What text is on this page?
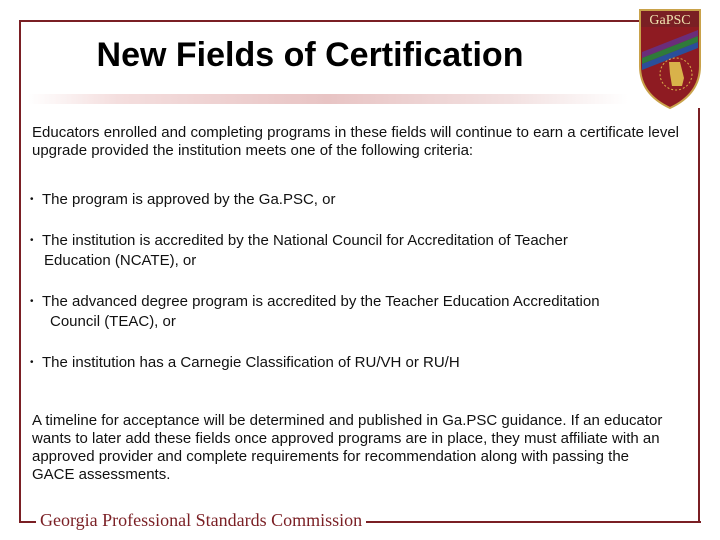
GaPSC
New Fields of Certification
Educators enrolled and completing programs in these fields will continue to earn a certificate level upgrade provided the institution meets one of the following criteria:
• The program is approved by the Ga.PSC, or
• The institution is accredited by the National Council for Accreditation of Teacher
Education (NCATE), or
• The advanced degree program is accredited by the Teacher Education Accreditation
Council (TEAC), or
• The institution has a Carnegie Classification of RU/VH or RU/H
A timeline for acceptance will be determined and published in Ga.PSC guidance. If an educator wants to later add these fields once approved programs are in place, they must affiliate with an approved provider and complete requirements for recommendation along with passing the GACE assessments.
Georgia Professional Standards Commission
